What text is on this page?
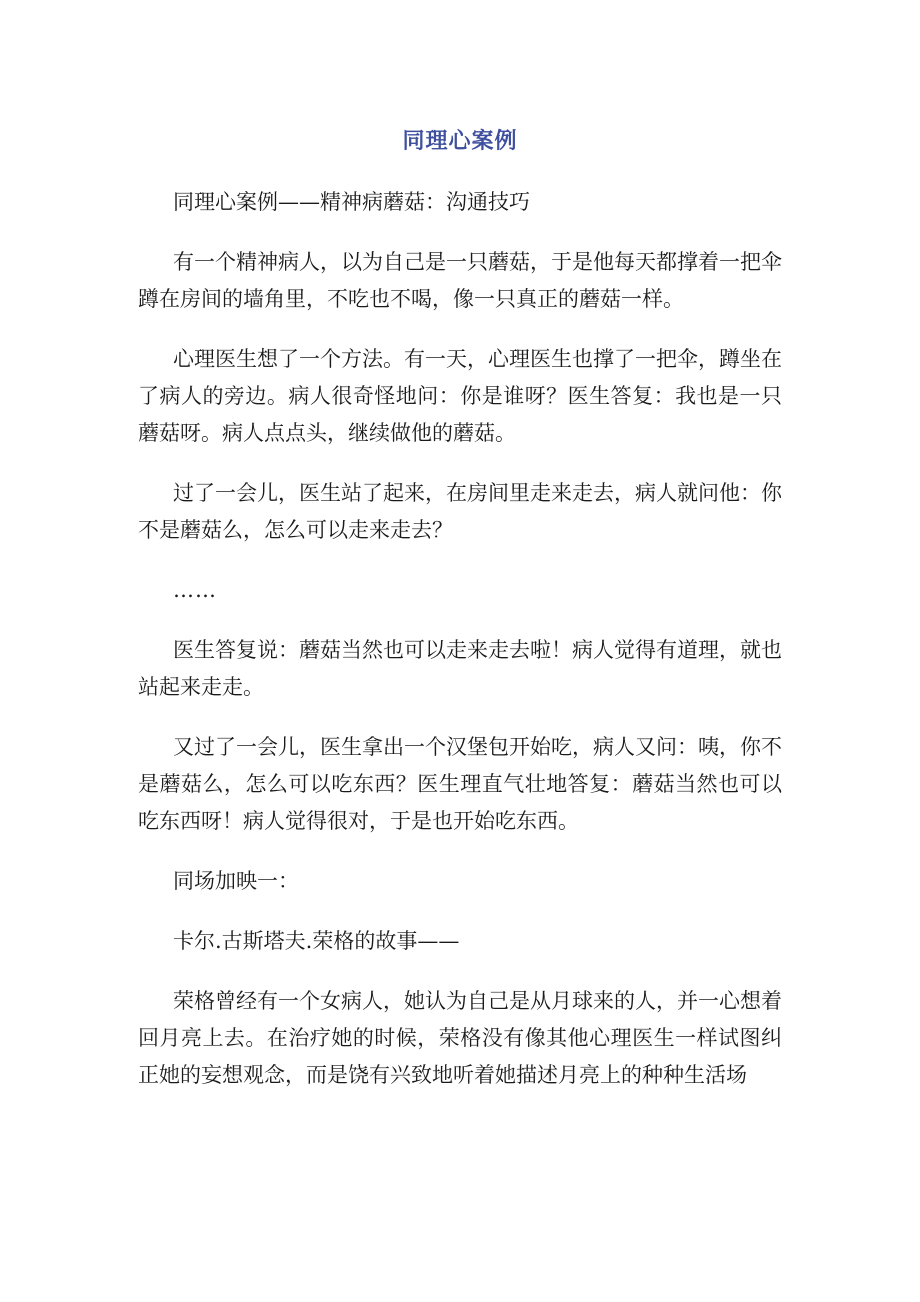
同理心案例

同理心案例——精神病蘑菇：沟通技巧

有一个精神病人，以为自己是一只蘑菇，于是他每天都撑着一把伞蹲在房间的墙角里，不吃也不喝，像一只真正的蘑菇一样。

心理医生想了一个方法。有一天，心理医生也撑了一把伞，蹲坐在了病人的旁边。病人很奇怪地问：你是谁呀？医生答复：我也是一只蘑菇呀。病人点点头，继续做他的蘑菇。

过了一会儿，医生站了起来，在房间里走来走去，病人就问他：你不是蘑菇么，怎么可以走来走去？

……

医生答复说：蘑菇当然也可以走来走去啦！病人觉得有道理，就也站起来走走。

又过了一会儿，医生拿出一个汉堡包开始吃，病人又问：咦，你不是蘑菇么，怎么可以吃东西？医生理直气壮地答复：蘑菇当然也可以吃东西呀！病人觉得很对，于是也开始吃东西。

同场加映一：

卡尔.古斯塔夫.荣格的故事——

荣格曾经有一个女病人，她认为自己是从月球来的人，并一心想着回月亮上去。在治疗她的时候，荣格没有像其他心理医生一样试图纠正她的妄想观念，而是饶有兴致地听着她描述月亮上的种种生活场
